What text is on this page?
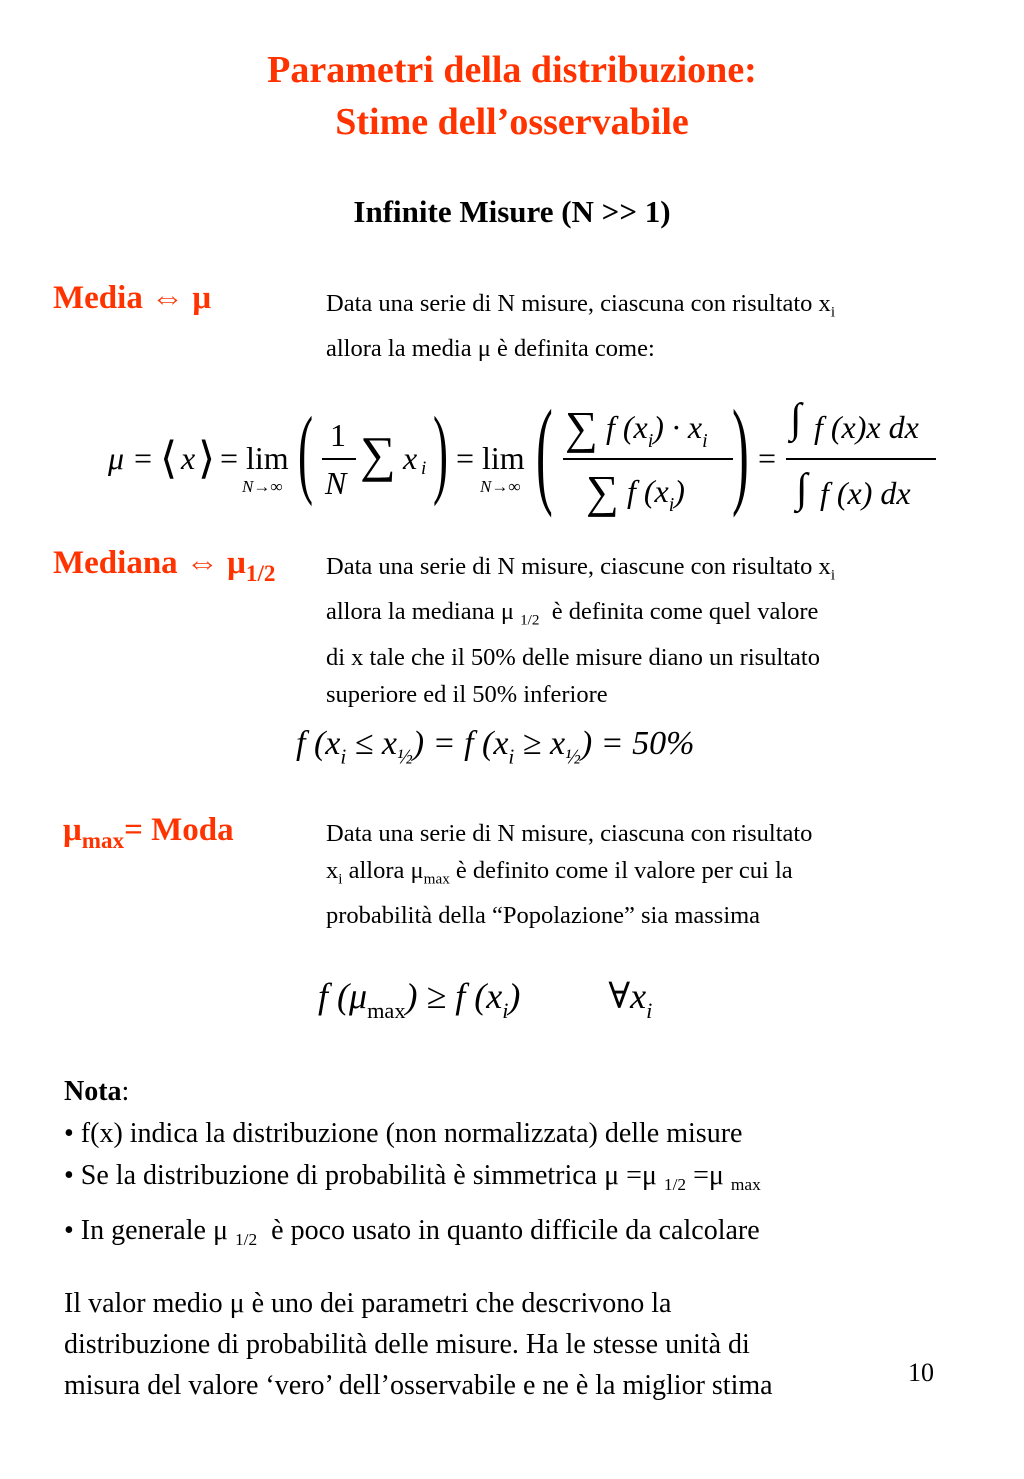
Parametri della distribuzione:
Stime dell’osservabile
Infinite Misure (N >> 1)
Media ⇔ μ	Data una serie di N misure, ciascuna con risultato $x_i$
allora la media μ è definita come:
μ = ⟨ x ⟩ = lim
N→∞ ( 1
N
∑ x i ) = lim
N→∞ ( ∑ f $(x_i) \cdot x_i$
∑ f $(x_i)$ ) =
∫ f (x)x dx
∫ f (x) dx
Mediana ⇔ $\mu_{1/2}$ Data una serie di N misure, ciascune con risultato $x_i$
allora la mediana μ $_{1/2}$ è definita come quel valore
di x tale che il 50% delle misure diano un risultato
superiore ed il 50% inferiore
f $(x_i \le x_{\frac{1}{2}}) = f$ $(x_i \ge x_{\frac{1}{2}}) = 50\%$
$\mu_{max}=$ Moda	Data una serie di N misure, ciascuna con risultato
$x_i$ allora $\mu_{max}$ è definito come il valore per cui la
probabilità della “Popolazione” sia massima
f $(\mu_{max}) \ge f$ $(x_i)$ $\forall x_i$
Nota:
• f(x) indica la distribuzione (non normalizzata) delle misure
• Se la distribuzione di probabilità è simmetrica μ =μ $_{1/2}$ =μ $_{max}$
• In generale μ $_{1/2}$ è poco usato in quanto difficile da calcolare
Il valor medio μ è uno dei parametri che descrivono la
distribuzione di probabilità delle misure. Ha le stesse unità di
misura del valore ‘vero’ dell’osservabile e ne è la miglior stima	10
